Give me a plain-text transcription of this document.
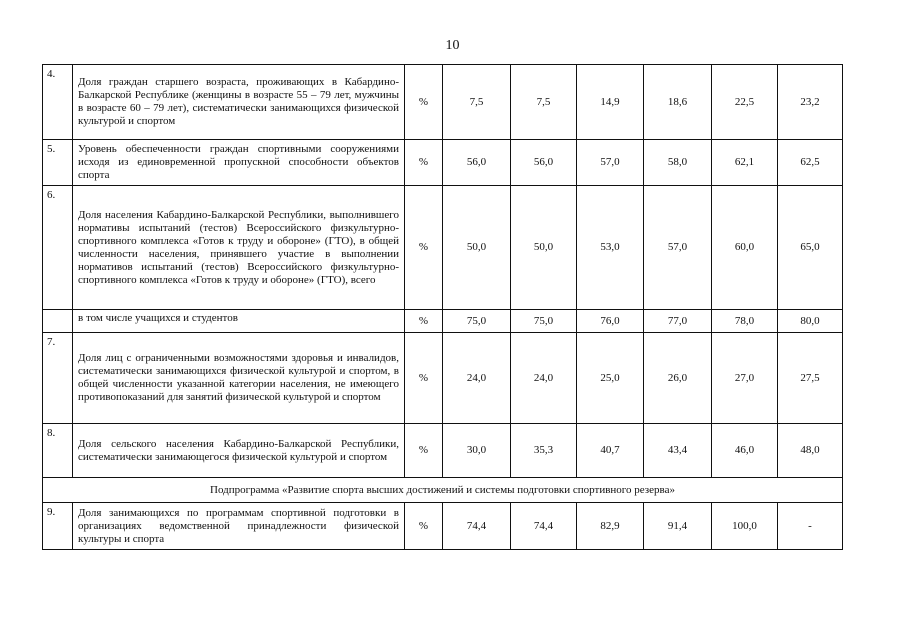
10
4.	Доля граждан старшего возраста, проживающих в Кабардино-Балкарской Республике (женщины в возрасте 55 – 79 лет, мужчины в возрасте 60 – 79 лет), систематически занимающихся физической культурой и спортом	%	7,5	7,5	14,9	18,6	22,5	23,2
5.	Уровень обеспеченности граждан спортивными сооружениями исходя из единовременной пропускной способности объектов спорта	%	56,0	56,0	57,0	58,0	62,1	62,5
6.	Доля населения Кабардино-Балкарской Республики, выполнившего нормативы испытаний (тестов) Всероссийского физкультурно-спортивного комплекса «Готов к труду и обороне» (ГТО), в общей численности населения, принявшего участие в выполнении нормативов испытаний (тестов) Всероссийского физкультурно-спортивного комплекса «Готов к труду и обороне» (ГТО), всего	%	50,0	50,0	53,0	57,0	60,0	65,0
	в том числе учащихся и студентов	%	75,0	75,0	76,0	77,0	78,0	80,0
7.	Доля лиц с ограниченными возможностями здоровья и инвалидов, систематически занимающихся физической культурой и спортом, в общей численности указанной категории населения, не имеющего противопоказаний для занятий физической культурой и спортом	%	24,0	24,0	25,0	26,0	27,0	27,5
8.	Доля сельского населения Кабардино-Балкарской Республики, систематически занимающегося физической культурой и спортом	%	30,0	35,3	40,7	43,4	46,0	48,0
Подпрограмма «Развитие спорта высших достижений и системы подготовки спортивного резерва»								
9.	Доля занимающихся по программам спортивной подготовки в организациях ведомственной принадлежности физической культуры и спорта	%	74,4	74,4	82,9	91,4	100,0	-
